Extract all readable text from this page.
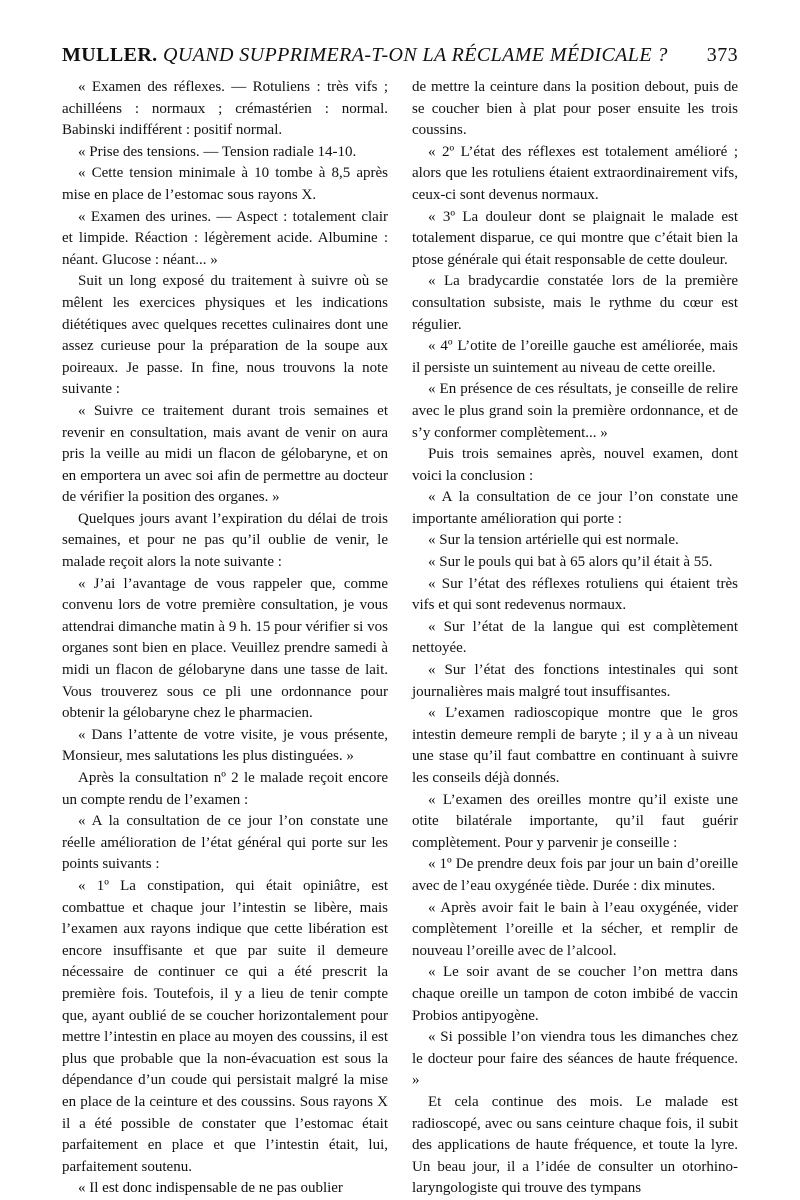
MULLER. QUAND SUPPRIMERA-T-ON LA RÉCLAME MÉDICALE ? 373

« Examen des réflexes. — Rotuliens : très vifs ; achilléens : normaux ; crémastérien : normal. Babinski indifférent : positif normal.

« Prise des tensions. — Tension radiale 14-10.

« Cette tension minimale à 10 tombe à 8,5 après mise en place de l’estomac sous rayons X.

« Examen des urines. — Aspect : totalement clair et limpide. Réaction : légèrement acide. Albumine : néant. Glucose : néant... »

Suit un long exposé du traitement à suivre où se mêlent les exercices physiques et les indications diététiques avec quelques recettes culinaires dont une assez curieuse pour la préparation de la soupe aux poireaux. Je passe. In fine, nous trouvons la note suivante :

« Suivre ce traitement durant trois semaines et revenir en consultation, mais avant de venir on aura pris la veille au midi un flacon de gélobaryne, et on en emportera un avec soi afin de permettre au docteur de vérifier la position des organes. »

Quelques jours avant l’expiration du délai de trois semaines, et pour ne pas qu’il oublie de venir, le malade reçoit alors la note suivante :

« J’ai l’avantage de vous rappeler que, comme convenu lors de votre première consultation, je vous attendrai dimanche matin à 9 h. 15 pour vérifier si vos organes sont bien en place. Veuillez prendre samedi à midi un flacon de gélobaryne dans une tasse de lait. Vous trouverez sous ce pli une ordonnance pour obtenir la gélobaryne chez le pharmacien.

« Dans l’attente de votre visite, je vous présente, Monsieur, mes salutations les plus distinguées. »

Après la consultation nº 2 le malade reçoit encore un compte rendu de l’examen :

« A la consultation de ce jour l’on constate une réelle amélioration de l’état général qui porte sur les points suivants :

« 1º La constipation, qui était opiniâtre, est combattue et chaque jour l’intestin se libère, mais l’examen aux rayons indique que cette libération est encore insuffisante et que par suite il demeure nécessaire de continuer ce qui a été prescrit la première fois. Toutefois, il y a lieu de tenir compte que, ayant oublié de se coucher horizontalement pour mettre l’intestin en place au moyen des coussins, il est plus que probable que la non-évacuation est sous la dépendance d’un coude qui persistait malgré la mise en place de la ceinture et des coussins. Sous rayons X il a été possible de constater que l’estomac était parfaitement en place et que l’intestin était, lui, parfaitement soutenu.

« Il est donc indispensable de ne pas oublier

de mettre la ceinture dans la position debout, puis de se coucher bien à plat pour poser ensuite les trois coussins.

« 2º L’état des réflexes est totalement amélioré ; alors que les rotuliens étaient extraordinairement vifs, ceux-ci sont devenus normaux.

« 3º La douleur dont se plaignait le malade est totalement disparue, ce qui montre que c’était bien la ptose générale qui était responsable de cette douleur.

« La bradycardie constatée lors de la première consultation subsiste, mais le rythme du cœur est régulier.

« 4º L’otite de l’oreille gauche est améliorée, mais il persiste un suintement au niveau de cette oreille.

« En présence de ces résultats, je conseille de relire avec le plus grand soin la première ordonnance, et de s’y conformer complètement... »

Puis trois semaines après, nouvel examen, dont voici la conclusion :

« A la consultation de ce jour l’on constate une importante amélioration qui porte :

« Sur la tension artérielle qui est normale.

« Sur le pouls qui bat à 65 alors qu’il était à 55.

« Sur l’état des réflexes rotuliens qui étaient très vifs et qui sont redevenus normaux.

« Sur l’état de la langue qui est complètement nettoyée.

« Sur l’état des fonctions intestinales qui sont journalières mais malgré tout insuffisantes.

« L’examen radioscopique montre que le gros intestin demeure rempli de baryte ; il y a à un niveau une stase qu’il faut combattre en continuant à suivre les conseils déjà donnés.

« L’examen des oreilles montre qu’il existe une otite bilatérale importante, qu’il faut guérir complètement. Pour y parvenir je conseille :

« 1º De prendre deux fois par jour un bain d’oreille avec de l’eau oxygénée tiède. Durée : dix minutes.

« Après avoir fait le bain à l’eau oxygénée, vider complètement l’oreille et la sécher, et remplir de nouveau l’oreille avec de l’alcool.

« Le soir avant de se coucher l’on mettra dans chaque oreille un tampon de coton imbibé de vaccin Probios antipyogène.

« Si possible l’on viendra tous les dimanches chez le docteur pour faire des séances de haute fréquence. »

Et cela continue des mois. Le malade est radioscopé, avec ou sans ceinture chaque fois, il subit des applications de haute fréquence, et toute la lyre. Un beau jour, il a l’idée de consulter un otorhino-laryngologiste qui trouve des tympans
